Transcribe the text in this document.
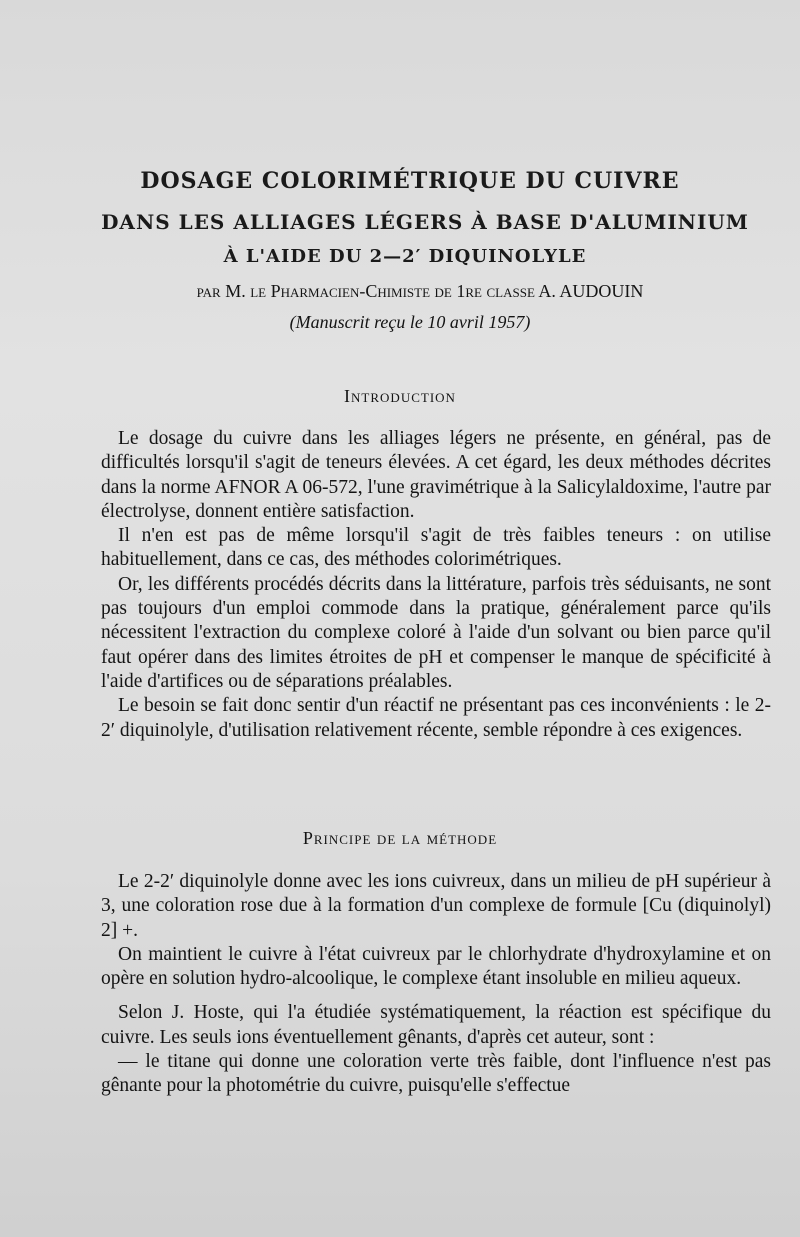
DOSAGE COLORIMÉTRIQUE DU CUIVRE
DANS LES ALLIAGES LÉGERS À BASE D'ALUMINIUM
À L'AIDE DU 2—2′ DIQUINOLYLE
par M. le Pharmacien-Chimiste de 1re classe A. AUDOUIN
(Manuscrit reçu le 10 avril 1957)
Introduction

Le dosage du cuivre dans les alliages légers ne présente, en général, pas de difficultés lorsqu'il s'agit de teneurs élevées. A cet égard, les deux méthodes décrites dans la norme AFNOR A 06-572, l'une gravimétrique à la Salicylaldoxime, l'autre par électrolyse, donnent entière satisfaction.

Il n'en est pas de même lorsqu'il s'agit de très faibles teneurs : on utilise habituellement, dans ce cas, des méthodes colorimétriques.

Or, les différents procédés décrits dans la littérature, parfois très séduisants, ne sont pas toujours d'un emploi commode dans la pratique, généralement parce qu'ils nécessitent l'extraction du complexe coloré à l'aide d'un solvant ou bien parce qu'il faut opérer dans des limites étroites de pH et compenser le manque de spécificité à l'aide d'artifices ou de séparations préalables.

Le besoin se fait donc sentir d'un réactif ne présentant pas ces inconvénients : le 2-2′ diquinolyle, d'utilisation relativement récente, semble répondre à ces exigences.

Principe de la méthode

Le 2-2′ diquinolyle donne avec les ions cuivreux, dans un milieu de pH supérieur à 3, une coloration rose due à la formation d'un complexe de formule [Cu (diquinolyl) 2] +.

On maintient le cuivre à l'état cuivreux par le chlorhydrate d'hydroxylamine et on opère en solution hydro-alcoolique, le complexe étant insoluble en milieu aqueux.

Selon J. Hoste, qui l'a étudiée systématiquement, la réaction est spécifique du cuivre. Les seuls ions éventuellement gênants, d'après cet auteur, sont :

— le titane qui donne une coloration verte très faible, dont l'influence n'est pas gênante pour la photométrie du cuivre, puisqu'elle s'effectue
